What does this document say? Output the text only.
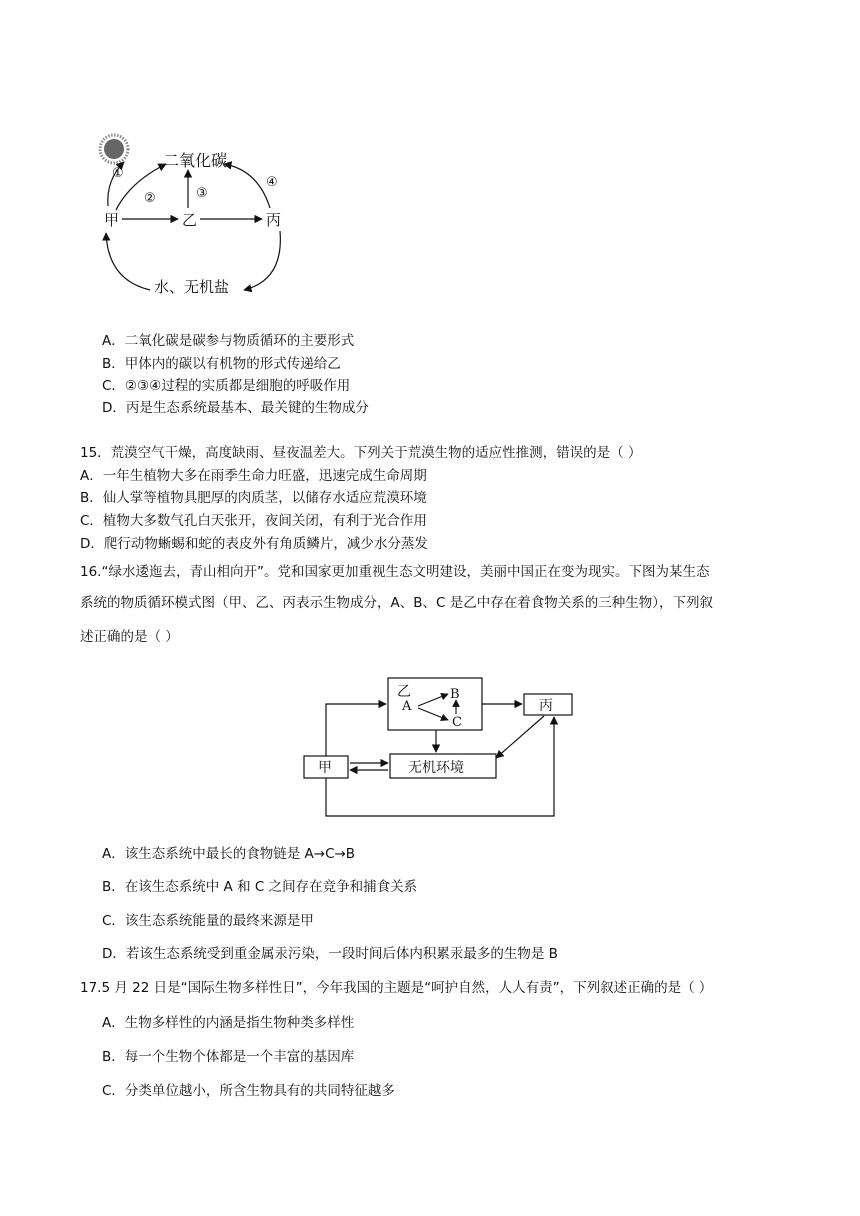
二氧化碳
①
②	③
④
甲	乙	丙
水、无机盐
A．二氧化碳是碳参与物质循环的主要形式
B．甲体内的碳以有机物的形式传递给乙
C．②③④过程的实质都是细胞的呼吸作用
D．丙是生态系统最基本、最关键的生物成分
15．荒漠空气干燥，高度缺雨、昼夜温差大。下列关于荒漠生物的适应性推测，错误的是（ ）
A．一年生植物大多在雨季生命力旺盛，迅速完成生命周期
B．仙人掌等植物具肥厚的肉质茎，以储存水适应荒漠环境
C．植物大多数气孔白天张开，夜间关闭，有利于光合作用
D．爬行动物蜥蜴和蛇的表皮外有角质鳞片，减少水分蒸发
16.“绿水逶迤去，青山相向开”。党和国家更加重视生态文明建设，美丽中国正在变为现实。下图为某生态
系统的物质循环模式图（甲、乙、丙表示生物成分，A、B、C 是乙中存在着食物关系的三种生物），下列叙
述正确的是（ ）
乙
A
B
C
丙
甲	无机环境
A．该生态系统中最长的食物链是 A→C→B
B．在该生态系统中 A 和 C 之间存在竞争和捕食关系
C．该生态系统能量的最终来源是甲
D．若该生态系统受到重金属汞污染，一段时间后体内积累汞最多的生物是 B
17.5 月 22 日是“国际生物多样性日”，今年我国的主题是“呵护自然，人人有责”，下列叙述正确的是（ ）
A．生物多样性的内涵是指生物种类多样性
B．每一个生物个体都是一个丰富的基因库
C．分类单位越小，所含生物具有的共同特征越多
